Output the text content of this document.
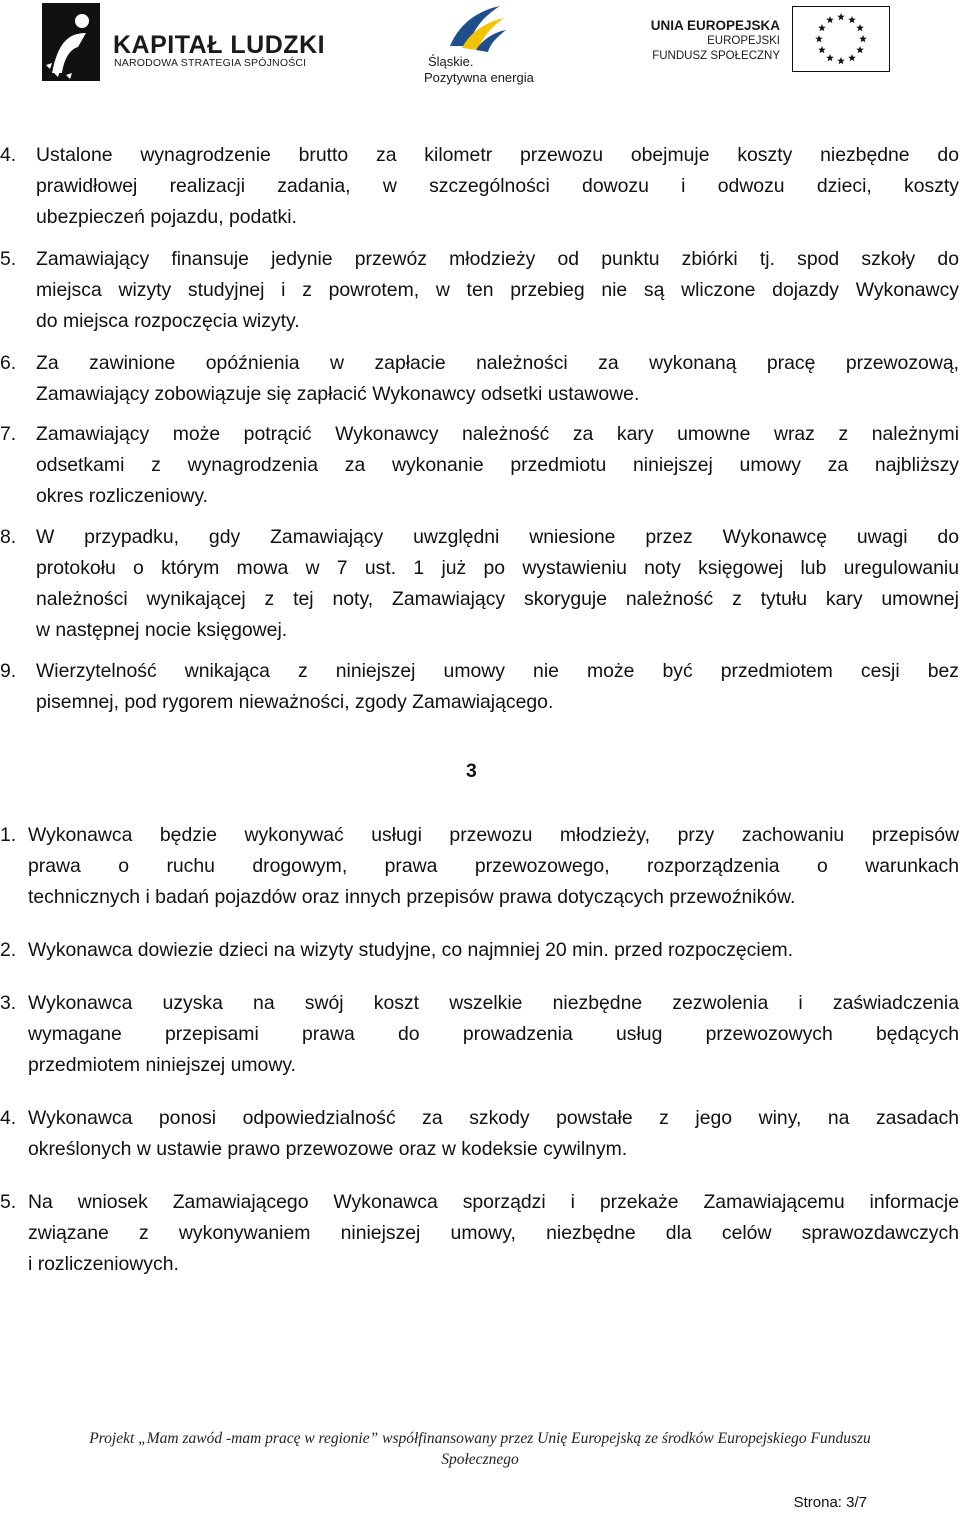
KAPITAŁ LUDZKI
NARODOWA STRATEGIA SPÓJNOŚCI	Śląskie.
Pozytywna energia
UNIA EUROPEJSKA
EUROPEJSKI
FUNDUSZ SPOŁECZNY
4. Ustalone wynagrodzenie brutto za kilometr przewozu obejmuje koszty niezbędne do
prawidłowej realizacji zadania, w szczególności dowozu i odwozu dzieci, koszty
ubezpieczeń pojazdu, podatki.
5. Zamawiający finansuje jedynie przewóz młodzieży od punktu zbiórki tj. spod szkoły do
miejsca wizyty studyjnej i z powrotem, w ten przebieg nie są wliczone dojazdy Wykonawcy
do miejsca rozpoczęcia wizyty.
6. Za zawinione opóźnienia w zapłacie należności za wykonaną pracę przewozową,
Zamawiający zobowiązuje się zapłacić Wykonawcy odsetki ustawowe.
7. Zamawiający może potrącić Wykonawcy należność za kary umowne wraz z należnymi
odsetkami z wynagrodzenia za wykonanie przedmiotu niniejszej umowy za najbliższy
okres rozliczeniowy.
8. W przypadku, gdy Zamawiający uwzględni wniesione przez Wykonawcę uwagi do
protokołu o którym mowa w 7 ust. 1 już po wystawieniu noty księgowej lub uregulowaniu
należności wynikającej z tej noty, Zamawiający skoryguje należność z tytułu kary umownej
w następnej nocie księgowej.
9. Wierzytelność wnikająca z niniejszej umowy nie może być przedmiotem cesji bez
pisemnej, pod rygorem nieważności, zgody Zamawiającego.
3
1. Wykonawca będzie wykonywać usługi przewozu młodzieży, przy zachowaniu przepisów
prawa o ruchu drogowym, prawa przewozowego, rozporządzenia o warunkach
technicznych i badań pojazdów oraz innych przepisów prawa dotyczących przewoźników.
2. Wykonawca dowiezie dzieci na wizyty studyjne, co najmniej 20 min. przed rozpoczęciem.
3. Wykonawca uzyska na swój koszt wszelkie niezbędne zezwolenia i zaświadczenia
wymagane przepisami prawa do prowadzenia usług przewozowych będących
przedmiotem niniejszej umowy.
4. Wykonawca ponosi odpowiedzialność za szkody powstałe z jego winy, na zasadach
określonych w ustawie prawo przewozowe oraz w kodeksie cywilnym.
5. Na wniosek Zamawiającego Wykonawca sporządzi i przekaże Zamawiającemu informacje
związane z wykonywaniem niniejszej umowy, niezbędne dla celów sprawozdawczych
i rozliczeniowych.
Projekt „Mam zawód -mam pracę w regionie” współfinansowany przez Unię Europejską ze środków Europejskiego Funduszu
Społecznego
Strona: 3/7
